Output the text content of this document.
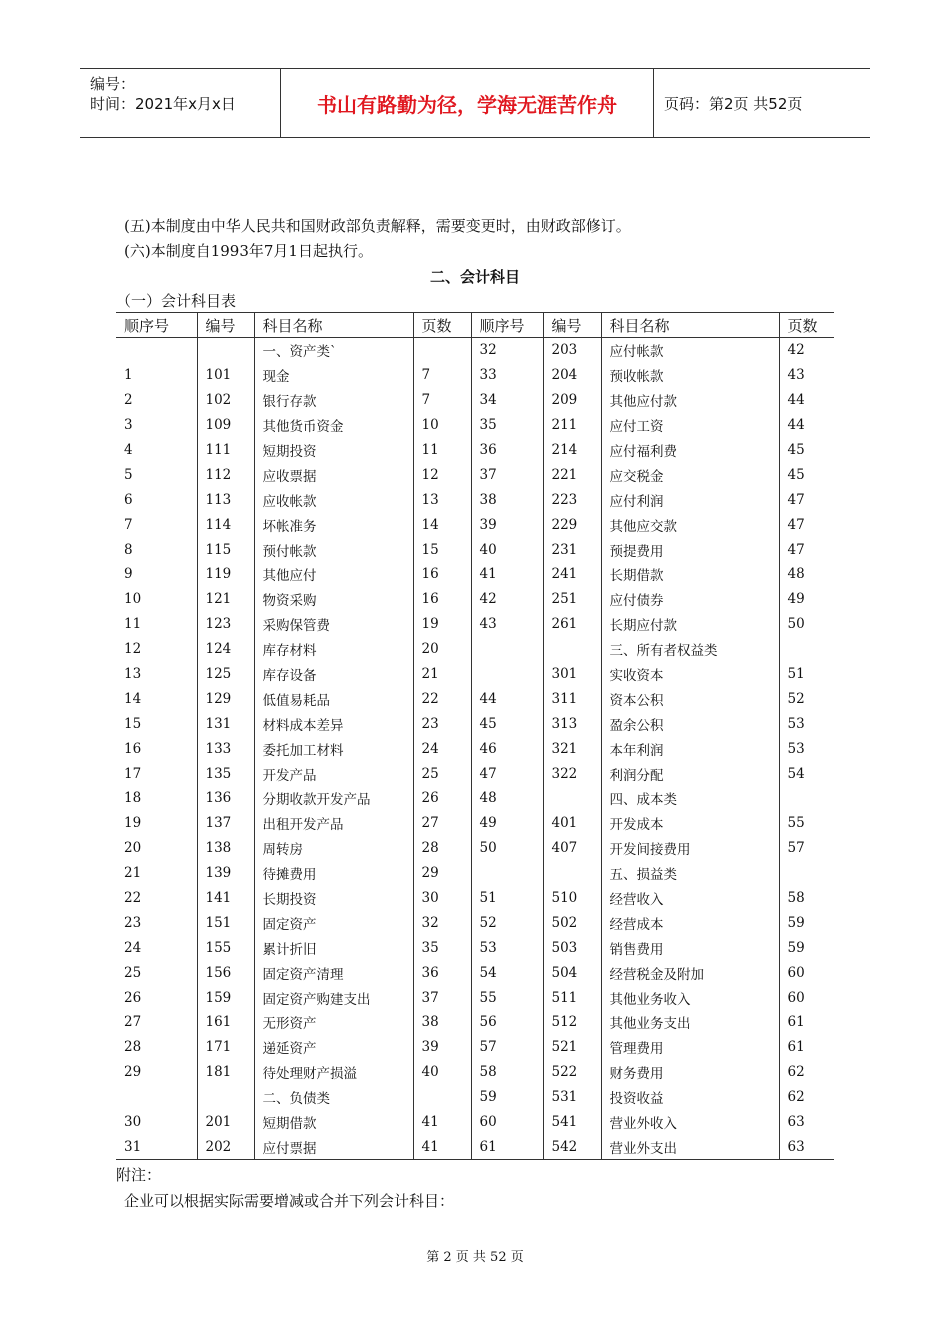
编号：
时间：2021年x月x日	书山有路勤为径，学海无涯苦作舟	页码：第2页 共52页
(五)本制度由中华人民共和国财政部负责解释，需要变更时，由财政部修订。
(六)本制度自1993年7月1日起执行。
二、会计科目
（一）会计科目表
顺序号	编号	科目名称	页数	顺序号	编号	科目名称	页数
		一、资产类`		32	203	应付帐款	42
1	101	现金	7	33	204	预收帐款	43
2	102	银行存款	7	34	209	其他应付款	44
3	109	其他货币资金	10	35	211	应付工资	44
4	111	短期投资	11	36	214	应付福利费	45
5	112	应收票据	12	37	221	应交税金	45
6	113	应收帐款	13	38	223	应付利润	47
7	114	坏帐准务	14	39	229	其他应交款	47
8	115	预付帐款	15	40	231	预提费用	47
9	119	其他应付	16	41	241	长期借款	48
10	121	物资采购	16	42	251	应付债券	49
11	123	采购保管费	19	43	261	长期应付款	50
12	124	库存材料	20			三、所有者权益类	
13	125	库存设备	21		301	实收资本	51
14	129	低值易耗品	22	44	311	资本公积	52
15	131	材料成本差异	23	45	313	盈余公积	53
16	133	委托加工材料	24	46	321	本年利润	53
17	135	开发产品	25	47	322	利润分配	54
18	136	分期收款开发产品	26	48		四、成本类	
19	137	出租开发产品	27	49	401	开发成本	55
20	138	周转房	28	50	407	开发间接费用	57
21	139	待摊费用	29			五、损益类	
22	141	长期投资	30	51	510	经营收入	58
23	151	固定资产	32	52	502	经营成本	59
24	155	累计折旧	35	53	503	销售费用	59
25	156	固定资产清理	36	54	504	经营税金及附加	60
26	159	固定资产购建支出	37	55	511	其他业务收入	60
27	161	无形资产	38	56	512	其他业务支出	61
28	171	递延资产	39	57	521	管理费用	61
29	181	待处理财产损溢	40	58	522	财务费用	62
		二、负债类		59	531	投资收益	62
30	201	短期借款	41	60	541	营业外收入	63
31	202	应付票据	41	61	542	营业外支出	63
附注：
企业可以根据实际需要增减或合并下列会计科目：
第 2 页 共 52 页
